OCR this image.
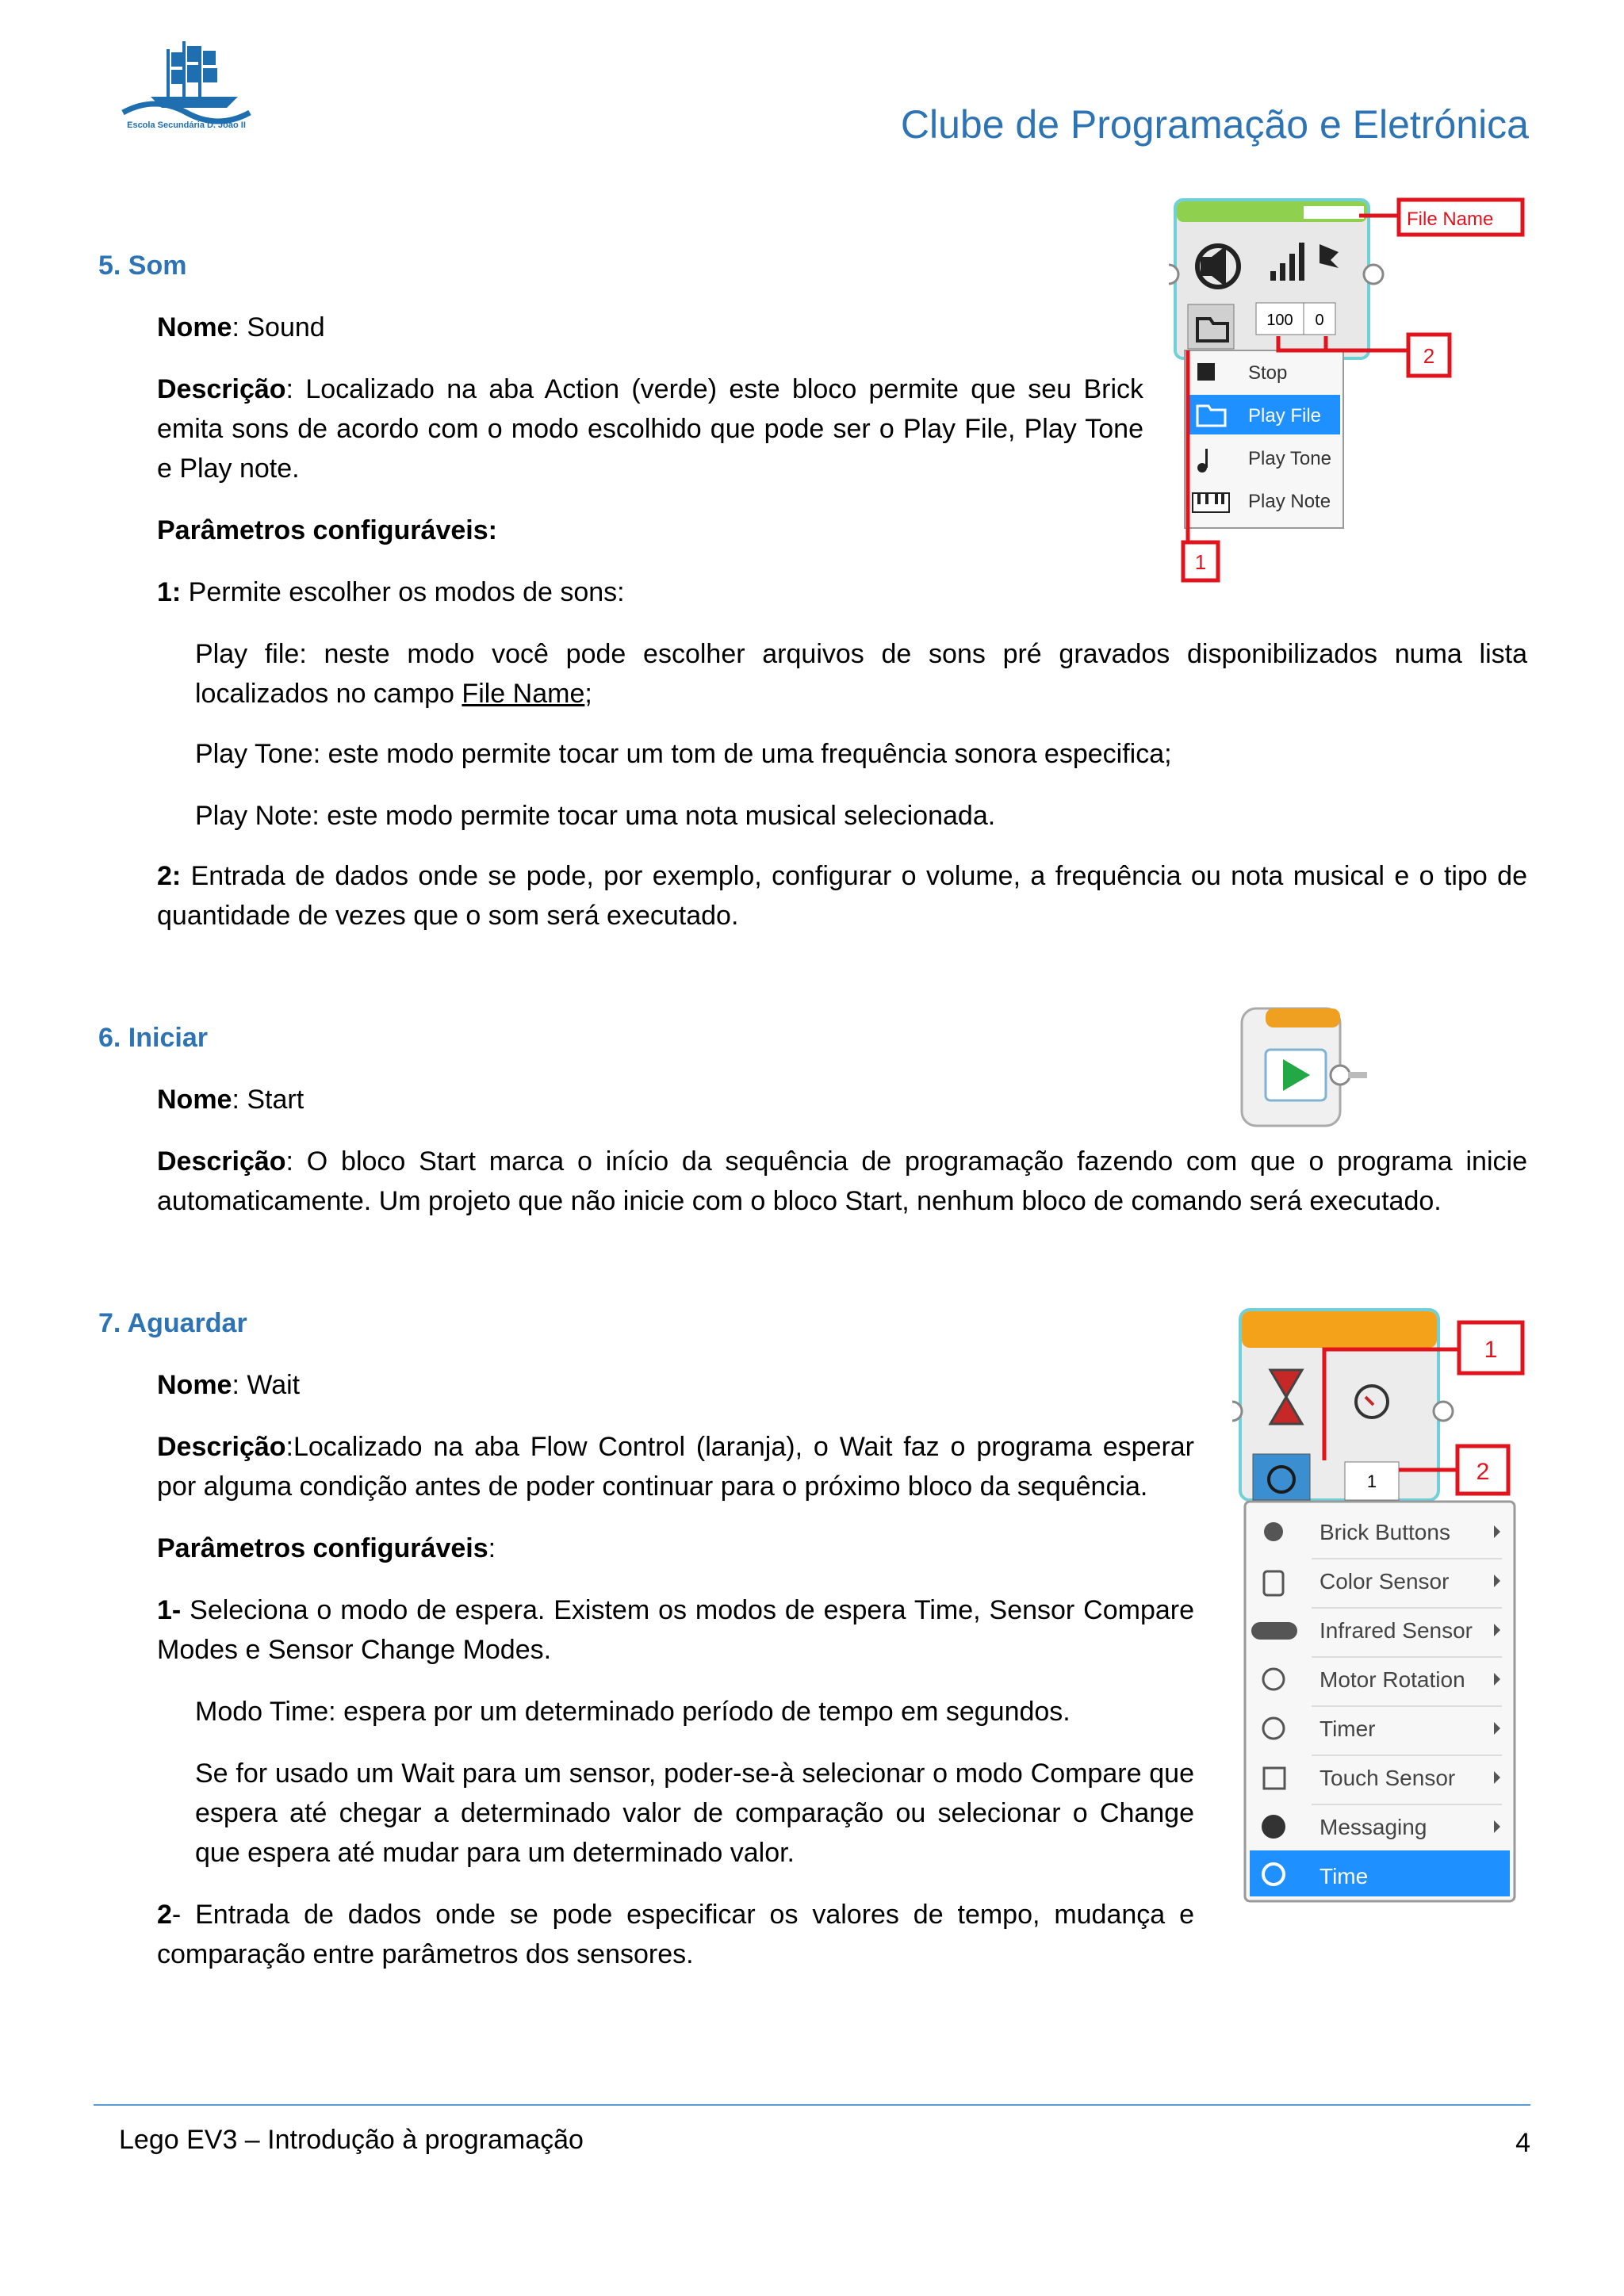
Escola Secundária D. João II	Clube de Programação e Eletrónica
5. Som
Nome: Sound
Descrição: Localizado na aba Action (verde) este bloco permite que seu Brick emita sons de acordo com o modo escolhido que pode ser o Play File, Play Tone e Play note.
Parâmetros configuráveis:
1: Permite escolher os modos de sons:
Play file: neste modo você pode escolher arquivos de sons pré gravados disponibilizados numa lista localizados no campo File Name;
Play Tone: este modo permite tocar um tom de uma frequência sonora especifica;
Play Note: este modo permite tocar uma nota musical selecionada.
2: Entrada de dados onde se pode, por exemplo, configurar o volume, a frequência ou nota musical e o tipo de quantidade de vezes que o som será executado.
100 0
Stop
Play File
Play Tone
Play Note
File Name
2
1
6. Iniciar
Nome: Start
Descrição: O bloco Start marca o início da sequência de programação fazendo com que o programa inicie automaticamente. Um projeto que não inicie com o bloco Start, nenhum bloco de comando será executado.
7. Aguardar
Nome: Wait
Descrição:Localizado na aba Flow Control (laranja), o Wait faz o programa esperar por alguma condição antes de poder continuar para o próximo bloco da sequência.
Parâmetros configuráveis:
1- Seleciona o modo de espera. Existem os modos de espera Time, Sensor Compare Modes e Sensor Change Modes.
Modo Time: espera por um determinado período de tempo em segundos.
Se for usado um Wait para um sensor, poder-se-à selecionar o modo Compare que espera até chegar a determinado valor de comparação ou selecionar o Change que espera até mudar para um determinado valor.
2- Entrada de dados onde se pode especificar os valores de tempo, mudança e comparação entre parâmetros dos sensores.
1
1
2
Brick Buttons
Color Sensor
Infrared Sensor
Motor Rotation
Timer
Touch Sensor
Messaging
Time
Lego EV3 – Introdução à programação	4
